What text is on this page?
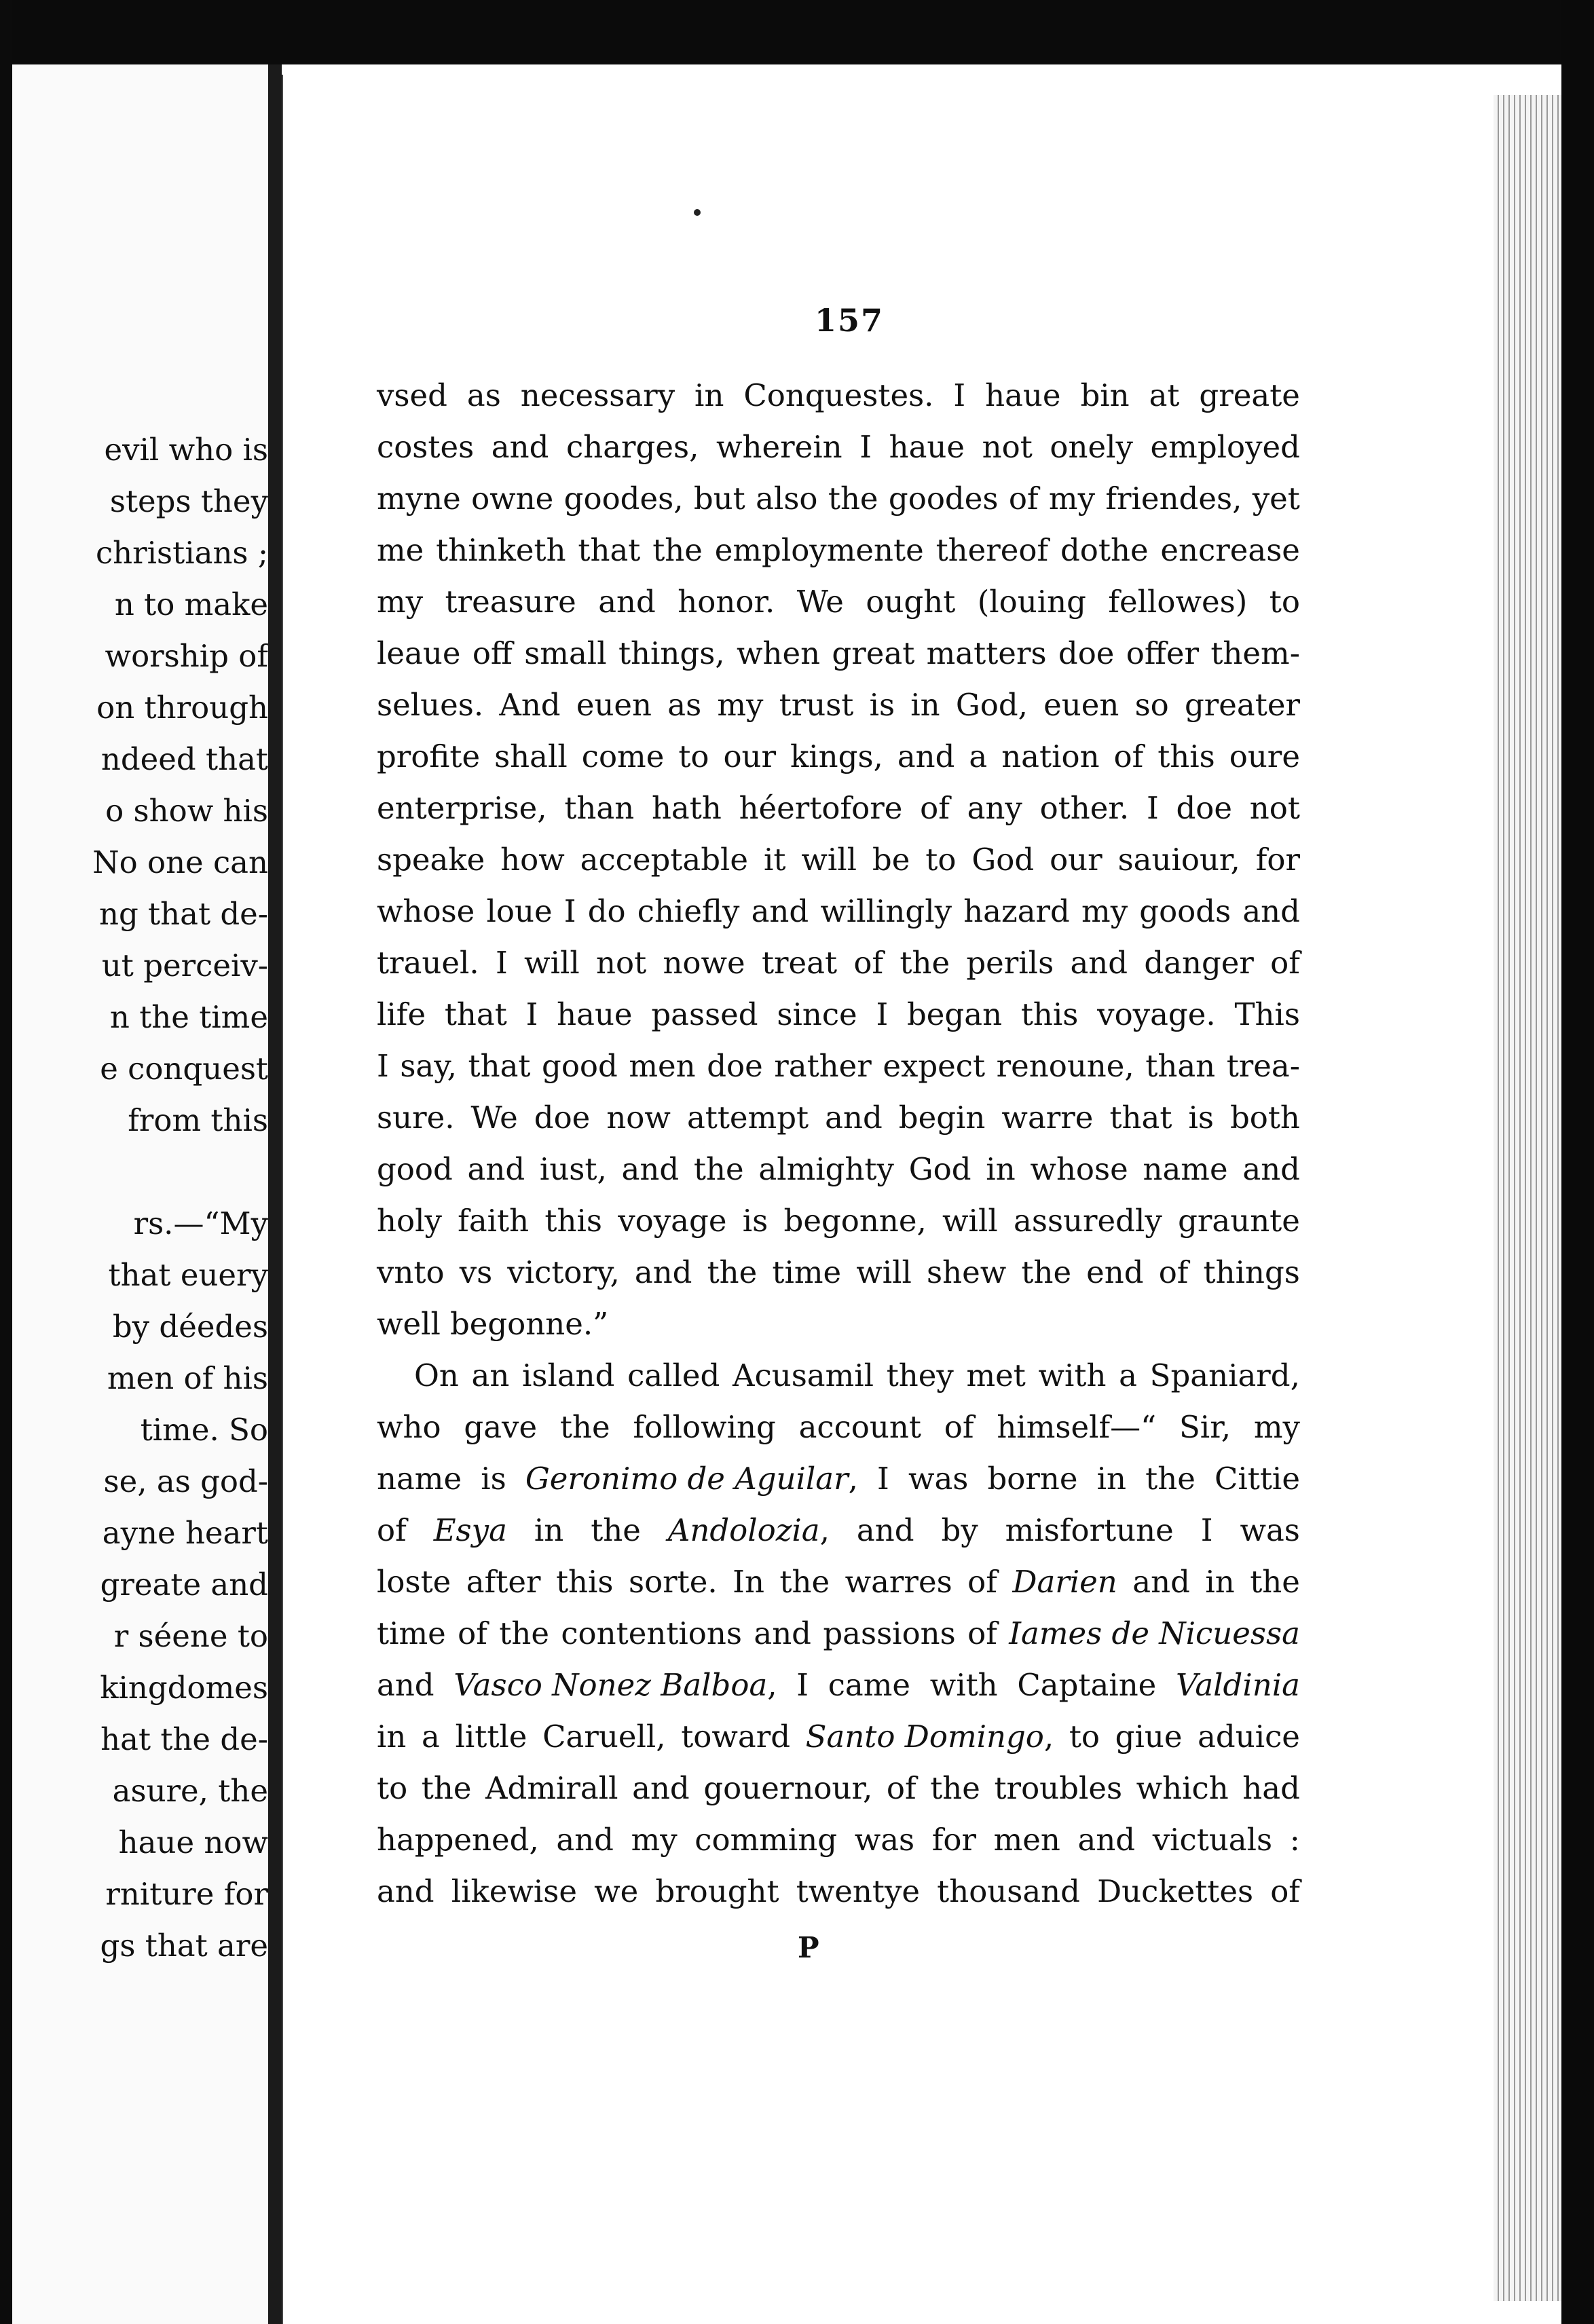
evil who is
steps they
christians ;
n to make
worship of
on through
ndeed that
o show his
No one can
ng that de-
ut perceiv-
n the time
e conquest
from this
rs.—“My
that euery
by déedes
men of his
time. So
se, as god-
ayne heart
greate and
r séene to
kingdomes
hat the de-
asure, the
haue now
rniture for
gs that are
157
vsed as necessary in Conquestes. I haue bin at greate
costes and charges, wherein I haue not onely employed
myne owne goodes, but also the goodes of my friendes, yet
me thinketh that the employmente thereof dothe encrease
my treasure and honor. We ought (louing fellowes) to
leaue off small things, when great matters doe offer them-
selues. And euen as my trust is in God, euen so greater
profite shall come to our kings, and a nation of this oure
enterprise, than hath héertofore of any other. I doe not
speake how acceptable it will be to God our sauiour, for
whose loue I do chiefly and willingly hazard my goods and
trauel. I will not nowe treat of the perils and danger of
life that I haue passed since I began this voyage. This
I say, that good men doe rather expect renoune, than trea-
sure. We doe now attempt and begin warre that is both
good and iust, and the almighty God in whose name and
holy faith this voyage is begonne, will assuredly graunte
vnto vs victory, and the time will shew the end of things
well begonne.”
On an island called Acusamil they met with a Spaniard,
who gave the following account of himself—“ Sir, my
name is Geronimo de Aguilar, I was borne in the Cittie
of Esya in the Andolozia, and by misfortune I was
loste after this sorte. In the warres of Darien and in the
time of the contentions and passions of Iames de Nicuessa
and Vasco Nonez Balboa, I came with Captaine Valdinia
in a little Caruell, toward Santo Domingo, to giue aduice
to the Admirall and gouernour, of the troubles which had
happened, and my comming was for men and victuals :
and likewise we brought twentye thousand Duckettes of
P
